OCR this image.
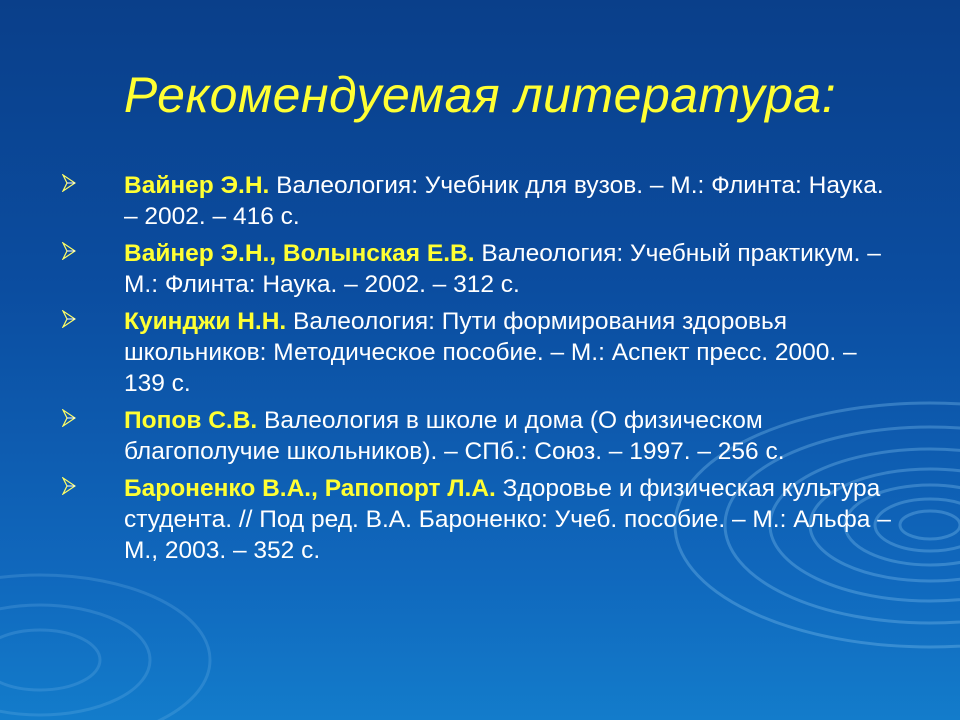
Рекомендуемая литература:
Вайнер Э.Н. Валеология: Учебник для вузов. – М.: Флинта: Наука. – 2002. – 416 с.
Вайнер Э.Н., Волынская Е.В. Валеология: Учебный практикум. – М.: Флинта: Наука. – 2002. – 312 с.
Куинджи Н.Н. Валеология: Пути формирования здоровья школьников: Методическое пособие. – М.: Аспект пресс. 2000. – 139 с.
Попов С.В. Валеология в школе и дома (О физическом благополучие школьников). – СПб.: Союз. – 1997. – 256 с.
Бароненко В.А., Рапопорт Л.А. Здоровье и физическая культура студента. // Под ред. В.А. Бароненко: Учеб. пособие. – М.: Альфа – М., 2003. – 352 с.
